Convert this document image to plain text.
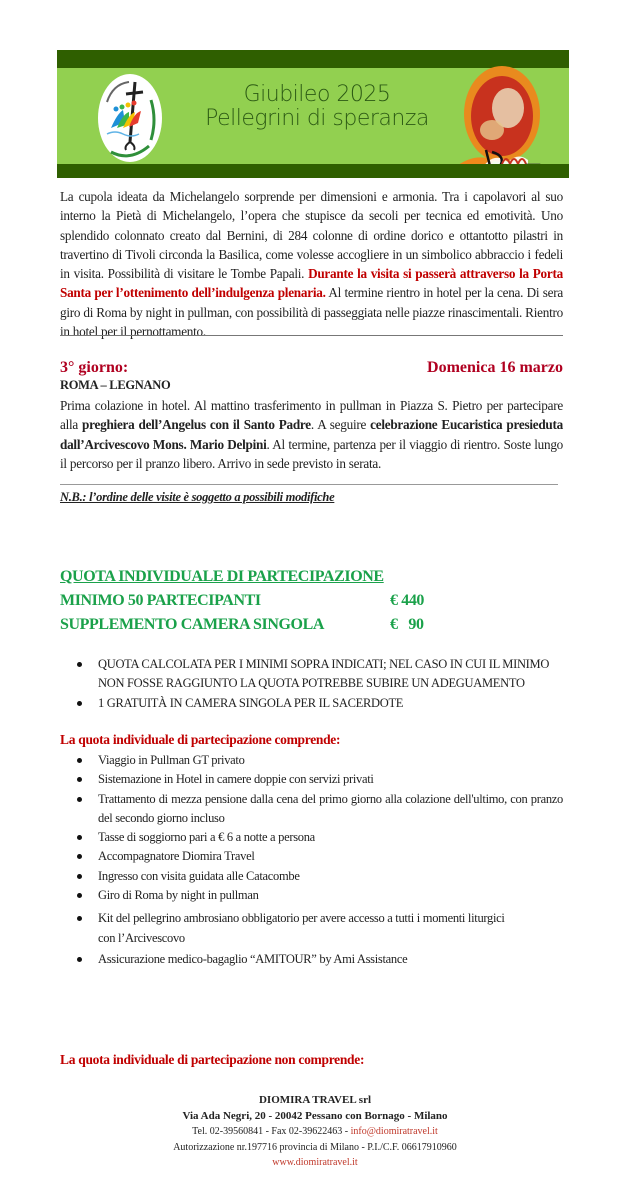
Giubileo 2025
Pellegrini di speranza
La cupola ideata da Michelangelo sorprende per dimensioni e armonia. Tra i capolavori al suo interno la Pietà di Michelangelo, l’opera che stupisce da secoli per tecnica ed emotività. Uno splendido colonnato creato dal Bernini, di 284 colonne di ordine dorico e ottantotto pilastri in travertino di Tivoli circonda la Basilica, come volesse accogliere in un simbolico abbraccio i fedeli in visita. Possibilità di visitare le Tombe Papali. Durante la visita si passerà attraverso la Porta Santa per l’ottenimento dell’indulgenza plenaria. Al termine rientro in hotel per la cena. Di sera giro di Roma by night in pullman, con possibilità di passeggiata nelle piazze rinascimentali. Rientro in hotel per il pernottamento.
3° giorno:	Domenica 16 marzo
ROMA – LEGNANO
Prima colazione in hotel. Al mattino trasferimento in pullman in Piazza S. Pietro per partecipare alla preghiera dell’Angelus con il Santo Padre. A seguire celebrazione Eucaristica presieduta dall’Arcivescovo Mons. Mario Delpini. Al termine, partenza per il viaggio di rientro. Soste lungo il percorso per il pranzo libero. Arrivo in sede previsto in serata.
N.B.: l’ordine delle visite è soggetto a possibili modifiche
QUOTA INDIVIDUALE DI PARTECIPAZIONE
MINIMO 50 PARTECIPANTI	€ 440
SUPPLEMENTO CAMERA SINGOLA	€ 90
QUOTA CALCOLATA PER I MINIMI SOPRA INDICATI; NEL CASO IN CUI IL MINIMO NON FOSSE RAGGIUNTO LA QUOTA POTREBBE SUBIRE UN ADEGUAMENTO
1 GRATUITÀ IN CAMERA SINGOLA PER IL SACERDOTE
La quota individuale di partecipazione comprende:
Viaggio in Pullman GT privato
Sistemazione in Hotel in camere doppie con servizi privati
Trattamento di mezza pensione dalla cena del primo giorno alla colazione dell'ultimo, con pranzo del secondo giorno incluso
Tasse di soggiorno pari a € 6 a notte a persona
Accompagnatore Diomira Travel
Ingresso con visita guidata alle Catacombe
Giro di Roma by night in pullman
Kit del pellegrino ambrosiano obbligatorio per avere accesso a tutti i momenti liturgici con l’Arcivescovo
Assicurazione medico-bagaglio “AMITOUR” by Ami Assistance
La quota individuale di partecipazione non comprende:
DIOMIRA TRAVEL srl
Via Ada Negri, 20 - 20042 Pessano con Bornago - Milano
Tel. 02-39560841 - Fax 02-39622463 - info@diomiratravel.it
Autorizzazione nr.197716 provincia di Milano - P.I./C.F. 06617910960
www.diomiratravel.it
